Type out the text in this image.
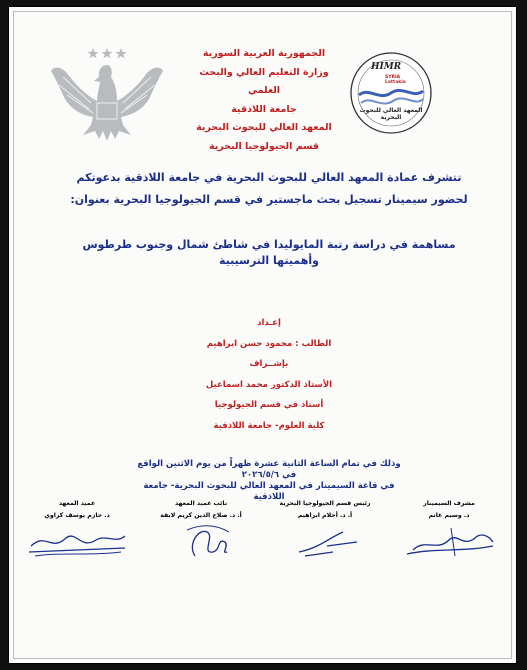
الجمهورية العربية السورية
وزارة التعليم العالي والبحث العلمي
جامعة اللاذقية
المعهد العالي للبحوث البحرية
قسم الجيولوجيا البحرية
HIMR
SYRIA Lattakia
المعهد العالي للبحوث البحرية
تتشرف عمادة المعهد العالي للبحوث البحرية في جامعة اللاذقية بدعوتكم
لحضور سيمينار تسجيل بحث ماجستير في قسم الجيولوجيا البحرية بعنوان:
مساهمة في دراسة رتبة المايوليدا في شاطئ شمال وجنوب طرطوس
وأهميتها الترسيبية
إعـداد
الطالب : محمود حسن ابراهيم
بإشــراف
الأستاذ الدكتور محمد اسماعيل
أستاذ في قسم الجيولوجيا
كلية العلوم- جامعة اللاذقية
وذلك في تمام الساعة الثانية عشرة ظهراً من يوم الاثنين الواقع في ٢٠٢٦/٥/٦
في قاعة السيمينار في المعهد العالي للبحوث البحرية- جامعة اللاذقية
عميد المعهد
د. حازم يوسف كراوي
نائب عميد المعهد
أ. د. صلاح الدين كريم لابقة
رئيس قسم الجيولوجيا البحرية
أ. د. أحلام ابراهيم
مشرف السيمينار
د. وسيم غانم
